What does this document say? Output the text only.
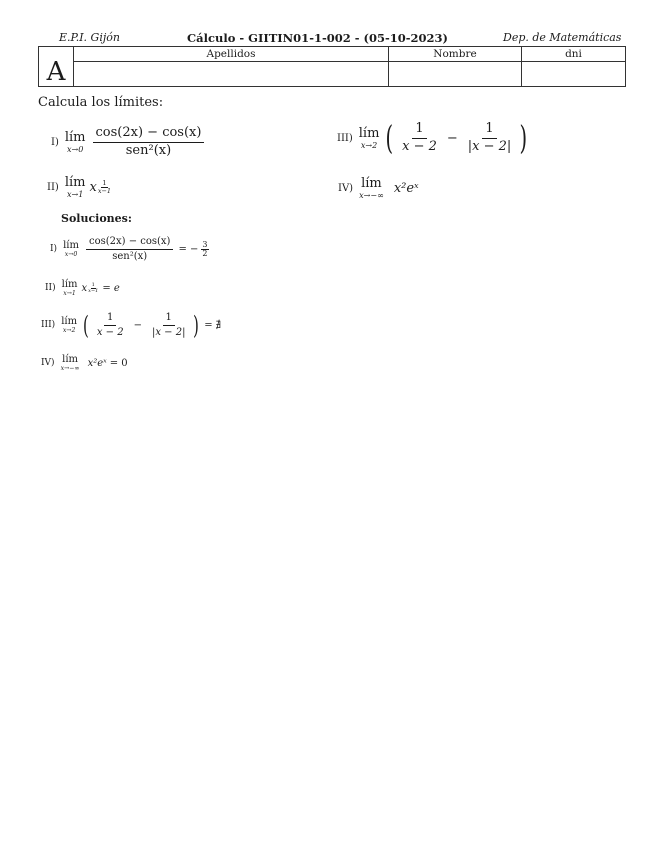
E.P.I. Gijón	Cálculo - GIITIN01-1-002 - (05-10-2023)	Dep. de Matemáticas
A	Apellidos	Nombre	dni

Calcula los límites:
I) lím
$x\to 0 \frac{\cos(2x) - \cos(x)}{\text{sen²(x)}}$	III) lím
x→2 ( $\frac{1}{x - 2} - \frac{1}{|x - 2|}$ )
II) lím
x→1 x 1
x−1	IV) lím
x→−∞ x²eˣ
Soluciones:
I) lím
$x\to 0 \frac{\cos(2x) - \cos(x)}{\text{sen²(x)}}$ = − $\frac{3}{2}$
II) lím
x→1 x $\frac{1}{x-1} = e$
III) lím
x→2 ( $\frac{1}{x - 2} - \frac{1}{|x - 2|}$ ) = ∄
IV) lím
x→−∞ x²eˣ = 0
